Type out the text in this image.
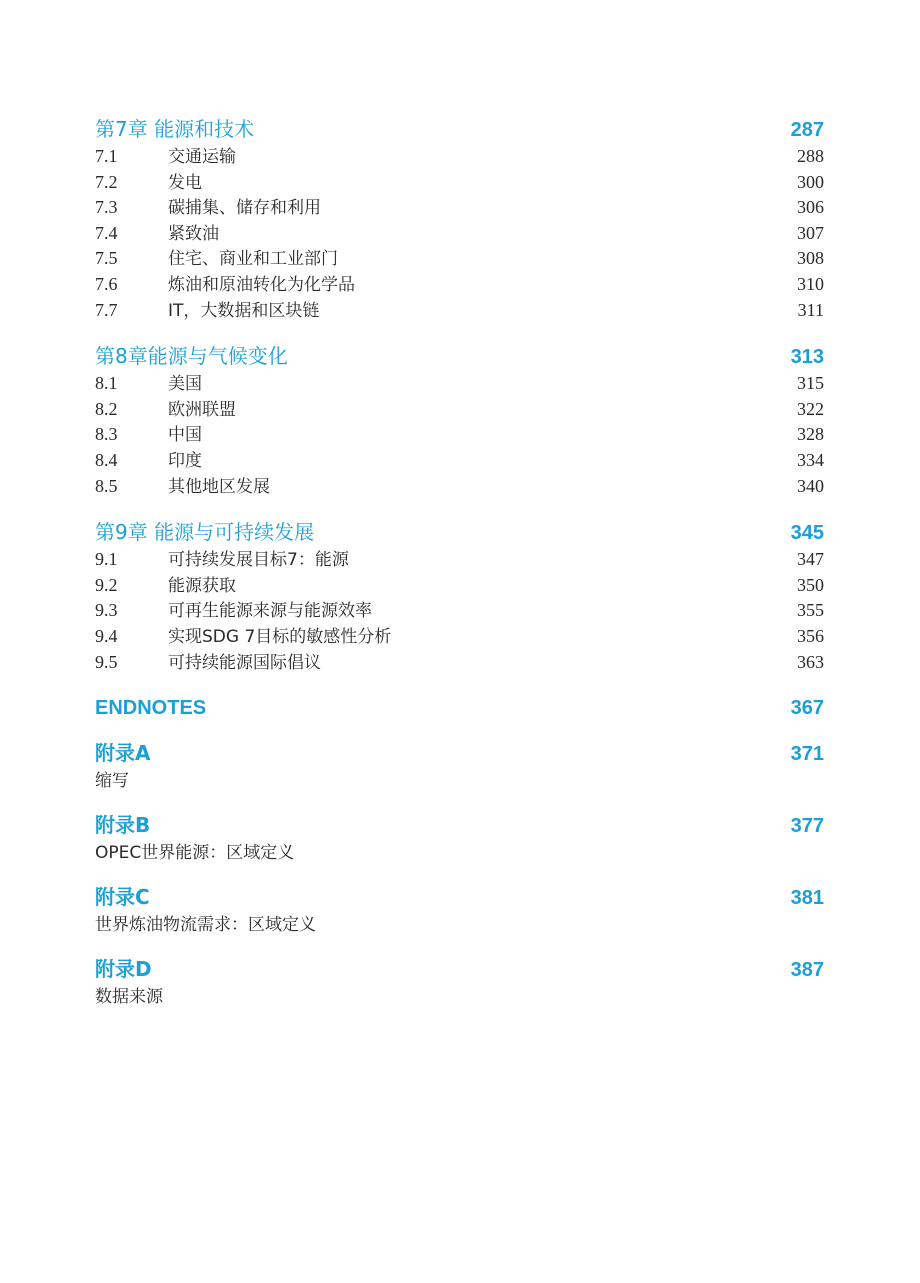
第7章 能源和技术	287
7.1	交通运输	288
7.2	发电	300
7.3	碳捕集、储存和利用	306
7.4	紧致油	307
7.5	住宅、商业和工业部门	308
7.6	炼油和原油转化为化学品	310
7.7	IT，大数据和区块链	311
第8章能源与气候变化	313
8.1	美国	315
8.2	欧洲联盟	322
8.3	中国	328
8.4	印度	334
8.5	其他地区发展	340
第9章 能源与可持续发展	345
9.1	可持续发展目标7：能源	347
9.2	能源获取	350
9.3	可再生能源来源与能源效率	355
9.4	实现SDG 7目标的敏感性分析	356
9.5	可持续能源国际倡议	363
ENDNOTES	367
附录A	371
缩写
附录B	377
OPEC世界能源：区域定义
附录C	381
世界炼油物流需求：区域定义
附录D	387
数据来源
